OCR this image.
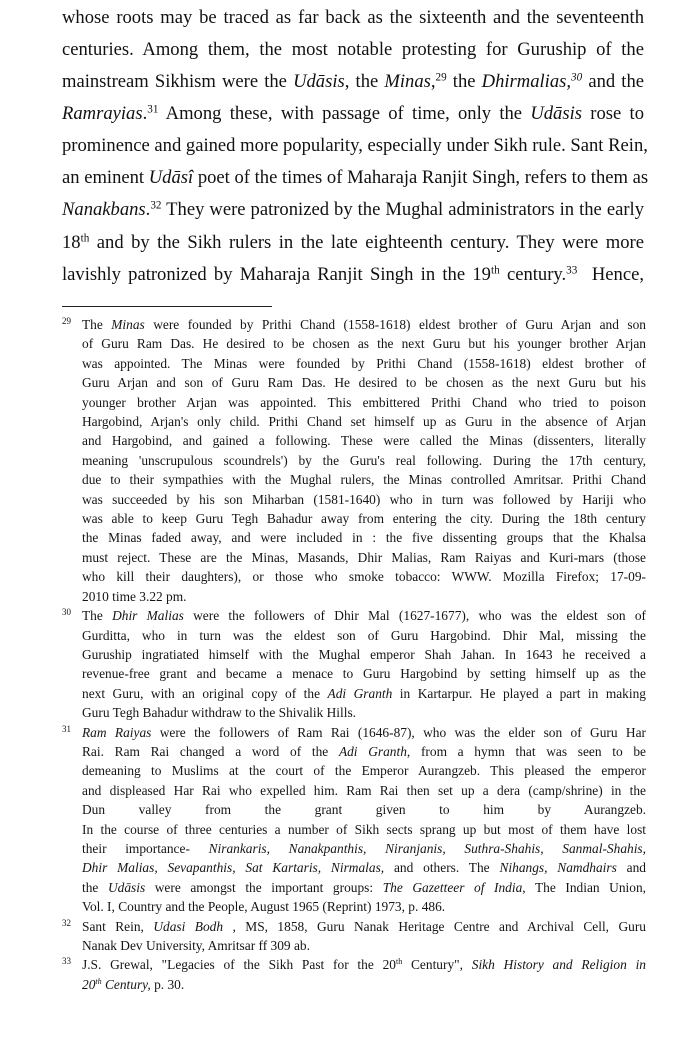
whose roots may be traced as far back as the sixteenth and the seventeenth
centuries. Among them, the most notable protesting for Guruship of the
mainstream Sikhism were the Udāsis, the Minas,$^{29}$ the Dhirmalias,$^{30}$ and the
Ramrayias.$^{31}$ Among these, with passage of time, only the Udāsis rose to
prominence and gained more popularity, especially under Sikh rule. Sant Rein,
an eminent Udāsî poet of the times of Maharaja Ranjit Singh, refers to them as
Nanakbans.$^{32}$ They were patronized by the Mughal administrators in the early
18th and by the Sikh rulers in the late eighteenth century. They were more
lavishly patronized by Maharaja Ranjit Singh in the 19th century.$^{33}$  Hence,
29 The Minas were founded by Prithi Chand (1558-1618) eldest brother of Guru Arjan and son
of Guru Ram Das. He desired to be chosen as the next Guru but his younger brother Arjan
was appointed. The Minas were founded by Prithi Chand (1558-1618) eldest brother of
Guru Arjan and son of Guru Ram Das. He desired to be chosen as the next Guru but his
younger brother Arjan was appointed. This embittered Prithi Chand who tried to poison
Hargobind, Arjan's only child. Prithi Chand set himself up as Guru in the absence of Arjan
and Hargobind, and gained a following. These were called the Minas (dissenters, literally
meaning 'unscrupulous scoundrels') by the Guru's real following. During the 17th century,
due to their sympathies with the Mughal rulers, the Minas controlled Amritsar. Prithi Chand
was succeeded by his son Miharban (1581-1640) who in turn was followed by Hariji who
was able to keep Guru Tegh Bahadur away from entering the city. During the 18th century
the Minas faded away, and were included in : the five dissenting groups that the Khalsa
must reject. These are the Minas, Masands, Dhir Malias, Ram Raiyas and Kuri-mars (those
who kill their daughters), or those who smoke tobacco: WWW. Mozilla Firefox; 17-09-
2010 time 3.22 pm.
30 The Dhir Malias were the followers of Dhir Mal (1627-1677), who was the eldest son of
Gurditta, who in turn was the eldest son of Guru Hargobind. Dhir Mal, missing the
Guruship ingratiated himself with the Mughal emperor Shah Jahan. In 1643 he received a
revenue-free grant and became a menace to Guru Hargobind by setting himself up as the
next Guru, with an original copy of the Adi Granth in Kartarpur. He played a part in making
Guru Tegh Bahadur withdraw to the Shivalik Hills.
31 Ram Raiyas were the followers of Ram Rai (1646-87), who was the elder son of Guru Har
Rai. Ram Rai changed a word of the Adi Granth, from a hymn that was seen to be
demeaning to Muslims at the court of the Emperor Aurangzeb. This pleased the emperor
and displeased Har Rai who expelled him. Ram Rai then set up a dera (camp/shrine) in the
Dun valley from the grant given to him by Aurangzeb.
In the course of three centuries a number of Sikh sects sprang up but most of them have lost
their importance- Nirankaris, Nanakpanthis, Niranjanis, Suthra-Shahis, Sanmal-Shahis,
Dhir Malias, Sevapanthis, Sat Kartaris, Nirmalas, and others. The Nihangs, Namdhairs and
the Udāsis were amongst the important groups: The Gazetteer of India, The Indian Union,
Vol. I, Country and the People, August 1965 (Reprint) 1973, p. 486.
32 Sant Rein, Udasi Bodh , MS, 1858, Guru Nanak Heritage Centre and Archival Cell, Guru
Nanak Dev University, Amritsar ff 309 ab.
33 J.S. Grewal, "Legacies of the Sikh Past for the 20th Century", Sikh History and Religion in
20th Century, p. 30.
